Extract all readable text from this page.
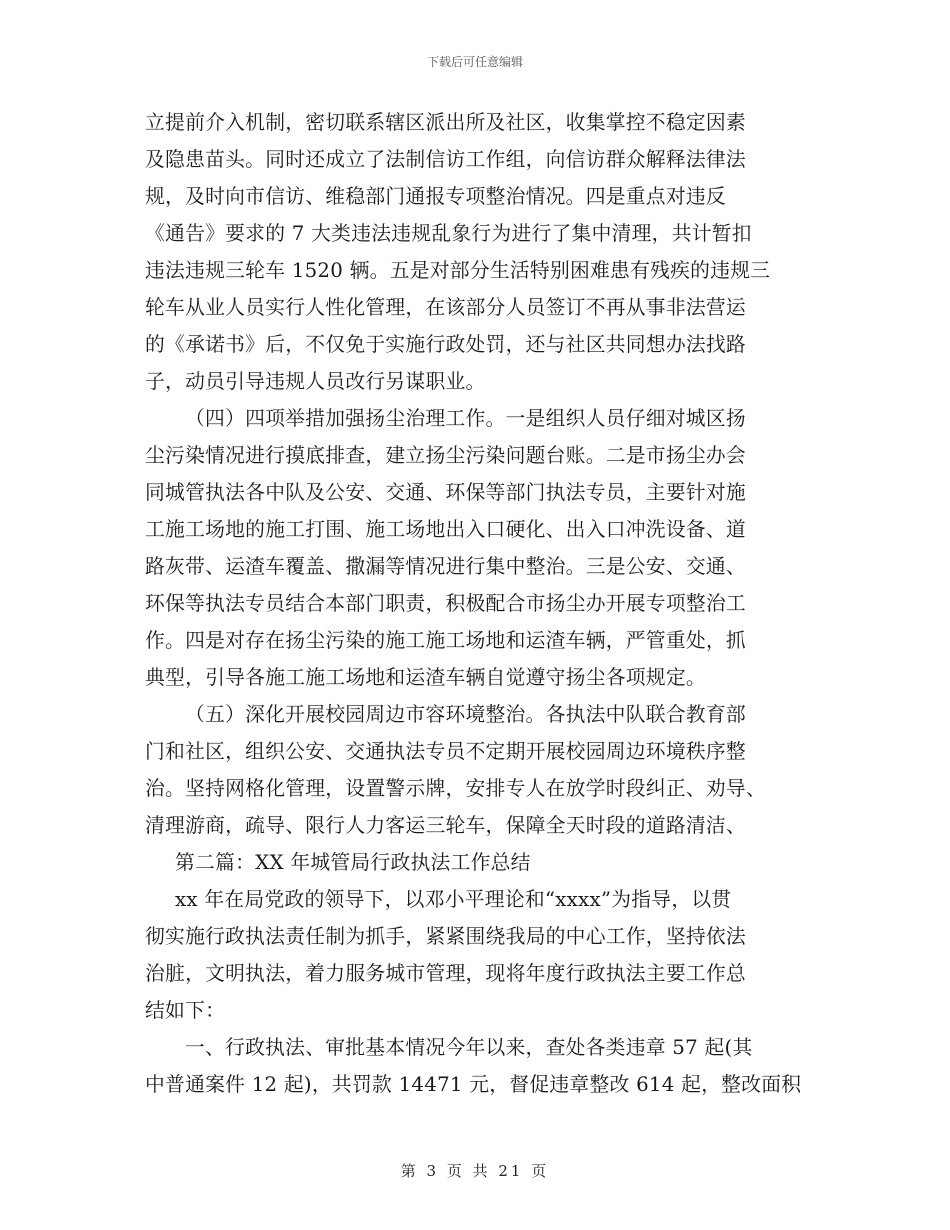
下载后可任意编辑
立提前介入机制，密切联系辖区派出所及社区，收集掌控不稳定因素
及隐患苗头。同时还成立了法制信访工作组，向信访群众解释法律法
规，及时向市信访、维稳部门通报专项整治情况。四是重点对违反
《通告》要求的 7 大类违法违规乱象行为进行了集中清理，共计暂扣
违法违规三轮车 1520 辆。五是对部分生活特别困难患有残疾的违规三
轮车从业人员实行人性化管理，在该部分人员签订不再从事非法营运
的《承诺书》后，不仅免于实施行政处罚，还与社区共同想办法找路
子，动员引导违规人员改行另谋职业。
（四）四项举措加强扬尘治理工作。一是组织人员仔细对城区扬
尘污染情况进行摸底排查，建立扬尘污染问题台账。二是市扬尘办会
同城管执法各中队及公安、交通、环保等部门执法专员，主要针对施
工施工场地的施工打围、施工场地出入口硬化、出入口冲洗设备、道
路灰带、运渣车覆盖、撒漏等情况进行集中整治。三是公安、交通、
环保等执法专员结合本部门职责，积极配合市扬尘办开展专项整治工
作。四是对存在扬尘污染的施工施工场地和运渣车辆，严管重处，抓
典型，引导各施工施工场地和运渣车辆自觉遵守扬尘各项规定。
（五）深化开展校园周边市容环境整治。各执法中队联合教育部
门和社区，组织公安、交通执法专员不定期开展校园周边环境秩序整
治。坚持网格化管理，设置警示牌，安排专人在放学时段纠正、劝导、
清理游商，疏导、限行人力客运三轮车，保障全天时段的道路清洁、
第二篇：XX 年城管局行政执法工作总结
xx 年在局党政的领导下，以邓小平理论和“xxxx”为指导，以贯
彻实施行政执法责任制为抓手，紧紧围绕我局的中心工作，坚持依法
治脏，文明执法，着力服务城市管理，现将年度行政执法主要工作总
结如下：
一、行政执法、审批基本情况今年以来，查处各类违章 57 起(其
中普通案件 12 起)，共罚款 14471 元，督促违章整改 614 起，整改面积
第 3 页 共 21 页
